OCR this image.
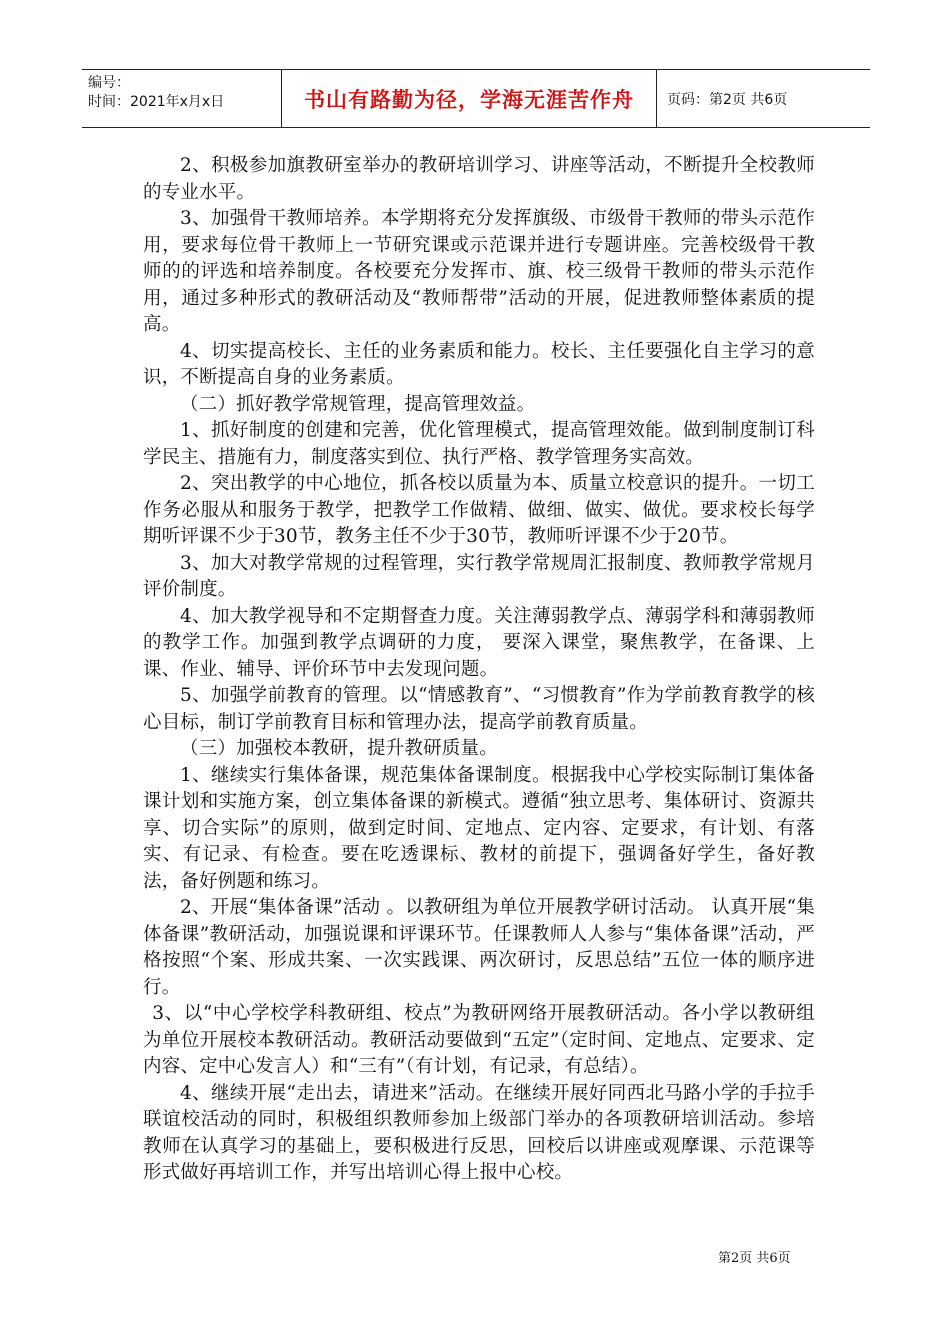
编号：
时间：2021年x月x日	书山有路勤为径，学海无涯苦作舟	页码：第2页 共6页

2、积极参加旗教研室举办的教研培训学习、讲座等活动，不断提升全校教师的专业水平。

3、加强骨干教师培养。本学期将充分发挥旗级、市级骨干教师的带头示范作用，要求每位骨干教师上一节研究课或示范课并进行专题讲座。完善校级骨干教师的的评选和培养制度。各校要充分发挥市、旗、校三级骨干教师的带头示范作用，通过多种形式的教研活动及“教师帮带”活动的开展，促进教师整体素质的提高。

4、切实提高校长、主任的业务素质和能力。校长、主任要强化自主学习的意识，不断提高自身的业务素质。

（二）抓好教学常规管理，提高管理效益。

1、抓好制度的创建和完善，优化管理模式，提高管理效能。做到制度制订科学民主、措施有力，制度落实到位、执行严格、教学管理务实高效。

2、突出教学的中心地位，抓各校以质量为本、质量立校意识的提升。一切工作务必服从和服务于教学，把教学工作做精、做细、做实、做优。要求校长每学期听评课不少于30节，教务主任不少于30节，教师听评课不少于20节。

3、加大对教学常规的过程管理，实行教学常规周汇报制度、教师教学常规月评价制度。

4、加大教学视导和不定期督查力度。关注薄弱教学点、薄弱学科和薄弱教师的教学工作。加强到教学点调研的力度， 要深入课堂，聚焦教学，在备课、上课、作业、辅导、评价环节中去发现问题。

5、加强学前教育的管理。以“情感教育”、“习惯教育”作为学前教育教学的核心目标，制订学前教育目标和管理办法，提高学前教育质量。

（三）加强校本教研，提升教研质量。

1、继续实行集体备课，规范集体备课制度。根据我中心学校实际制订集体备课计划和实施方案，创立集体备课的新模式。遵循“独立思考、集体研讨、资源共享、切合实际”的原则，做到定时间、定地点、定内容、定要求，有计划、有落实、有记录、有检查。要在吃透课标、教材的前提下，强调备好学生，备好教法，备好例题和练习。

2、开展“集体备课”活动 。以教研组为单位开展教学研讨活动。 认真开展“集体备课”教研活动，加强说课和评课环节。任课教师人人参与“集体备课”活动，严格按照“个案、形成共案、一次实践课、两次研讨，反思总结”五位一体的顺序进行。

3、以“中心学校学科教研组、校点”为教研网络开展教研活动。各小学以教研组为单位开展校本教研活动。教研活动要做到“五定”（定时间、定地点、定要求、定内容、定中心发言人）和“三有”（有计划，有记录，有总结）。

4、继续开展“走出去，请进来”活动。在继续开展好同西北马路小学的手拉手联谊校活动的同时，积极组织教师参加上级部门举办的各项教研培训活动。参培教师在认真学习的基础上，要积极进行反思，回校后以讲座或观摩课、示范课等形式做好再培训工作，并写出培训心得上报中心校。

第2页 共6页
